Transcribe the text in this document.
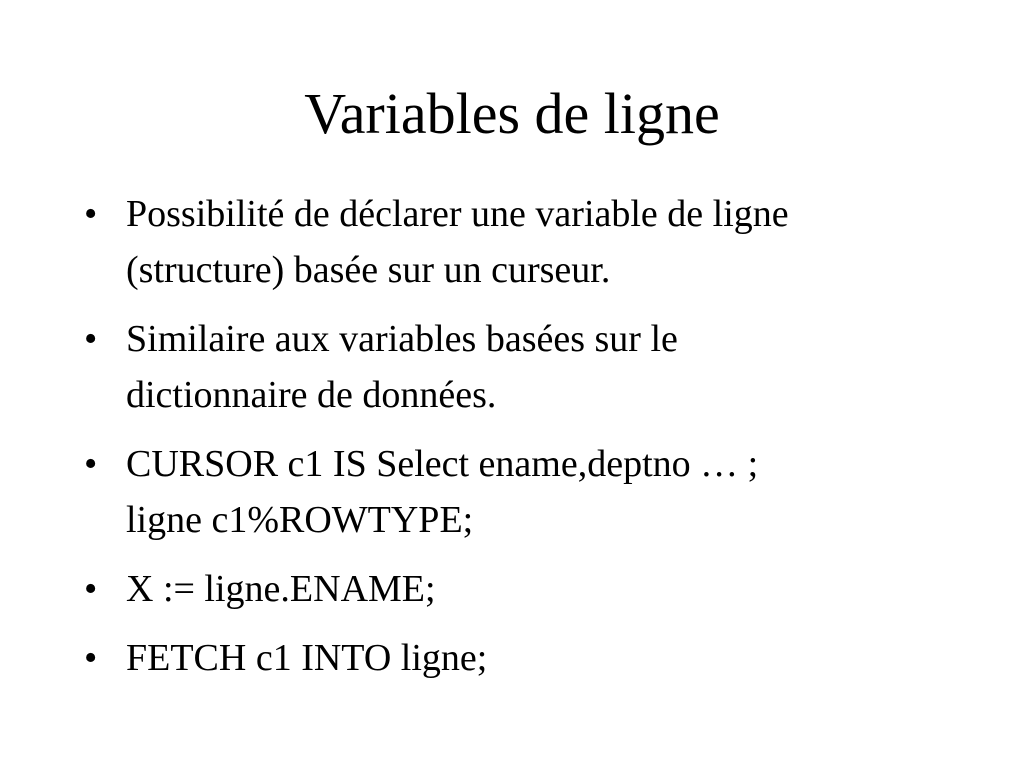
Variables de ligne
• Possibilité de déclarer une variable de ligne
(structure) basée sur un curseur.
• Similaire aux variables basées sur le
dictionnaire de données.
• CURSOR c1 IS Select ename,deptno … ;
ligne c1%ROWTYPE;
• X := ligne.ENAME;
• FETCH c1 INTO ligne;
